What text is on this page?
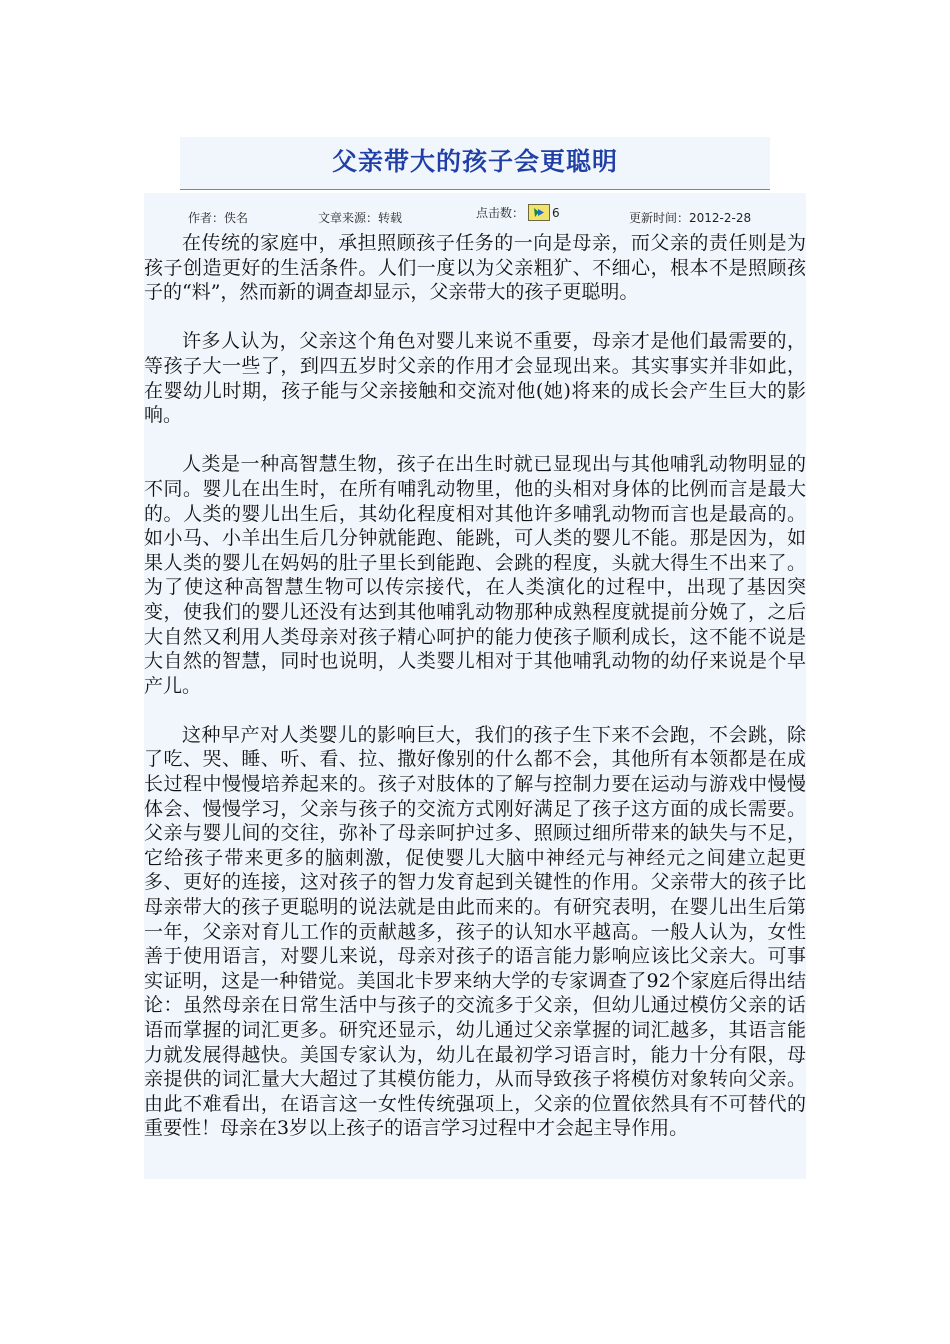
父亲带大的孩子会更聪明
作者：佚名	文章来源：转载	点击数： 6	更新时间：2012-2-28

在传统的家庭中，承担照顾孩子任务的一向是母亲，而父亲的责任则是为孩子创造更好的生活条件。人们一度以为父亲粗犷、不细心，根本不是照顾孩子的“料”，然而新的调查却显示，父亲带大的孩子更聪明。

许多人认为，父亲这个角色对婴儿来说不重要，母亲才是他们最需要的，等孩子大一些了，到四五岁时父亲的作用才会显现出来。其实事实并非如此，在婴幼儿时期，孩子能与父亲接触和交流对他(她)将来的成长会产生巨大的影响。

人类是一种高智慧生物，孩子在出生时就已显现出与其他哺乳动物明显的不同。婴儿在出生时，在所有哺乳动物里，他的头相对身体的比例而言是最大的。人类的婴儿出生后，其幼化程度相对其他许多哺乳动物而言也是最高的。如小马、小羊出生后几分钟就能跑、能跳，可人类的婴儿不能。那是因为，如果人类的婴儿在妈妈的肚子里长到能跑、会跳的程度，头就大得生不出来了。为了使这种高智慧生物可以传宗接代，在人类演化的过程中，出现了基因突变，使我们的婴儿还没有达到其他哺乳动物那种成熟程度就提前分娩了，之后大自然又利用人类母亲对孩子精心呵护的能力使孩子顺利成长，这不能不说是大自然的智慧，同时也说明，人类婴儿相对于其他哺乳动物的幼仔来说是个早产儿。

这种早产对人类婴儿的影响巨大，我们的孩子生下来不会跑，不会跳，除了吃、哭、睡、听、看、拉、撒好像别的什么都不会，其他所有本领都是在成长过程中慢慢培养起来的。孩子对肢体的了解与控制力要在运动与游戏中慢慢体会、慢慢学习，父亲与孩子的交流方式刚好满足了孩子这方面的成长需要。父亲与婴儿间的交往，弥补了母亲呵护过多、照顾过细所带来的缺失与不足，它给孩子带来更多的脑刺激，促使婴儿大脑中神经元与神经元之间建立起更多、更好的连接，这对孩子的智力发育起到关键性的作用。父亲带大的孩子比母亲带大的孩子更聪明的说法就是由此而来的。有研究表明，在婴儿出生后第一年，父亲对育儿工作的贡献越多，孩子的认知水平越高。一般人认为，女性善于使用语言，对婴儿来说，母亲对孩子的语言能力影响应该比父亲大。可事实证明，这是一种错觉。美国北卡罗来纳大学的专家调查了92个家庭后得出结论：虽然母亲在日常生活中与孩子的交流多于父亲，但幼儿通过模仿父亲的话语而掌握的词汇更多。研究还显示，幼儿通过父亲掌握的词汇越多，其语言能力就发展得越快。美国专家认为，幼儿在最初学习语言时，能力十分有限，母亲提供的词汇量大大超过了其模仿能力，从而导致孩子将模仿对象转向父亲。由此不难看出，在语言这一女性传统强项上，父亲的位置依然具有不可替代的重要性！母亲在3岁以上孩子的语言学习过程中才会起主导作用。
